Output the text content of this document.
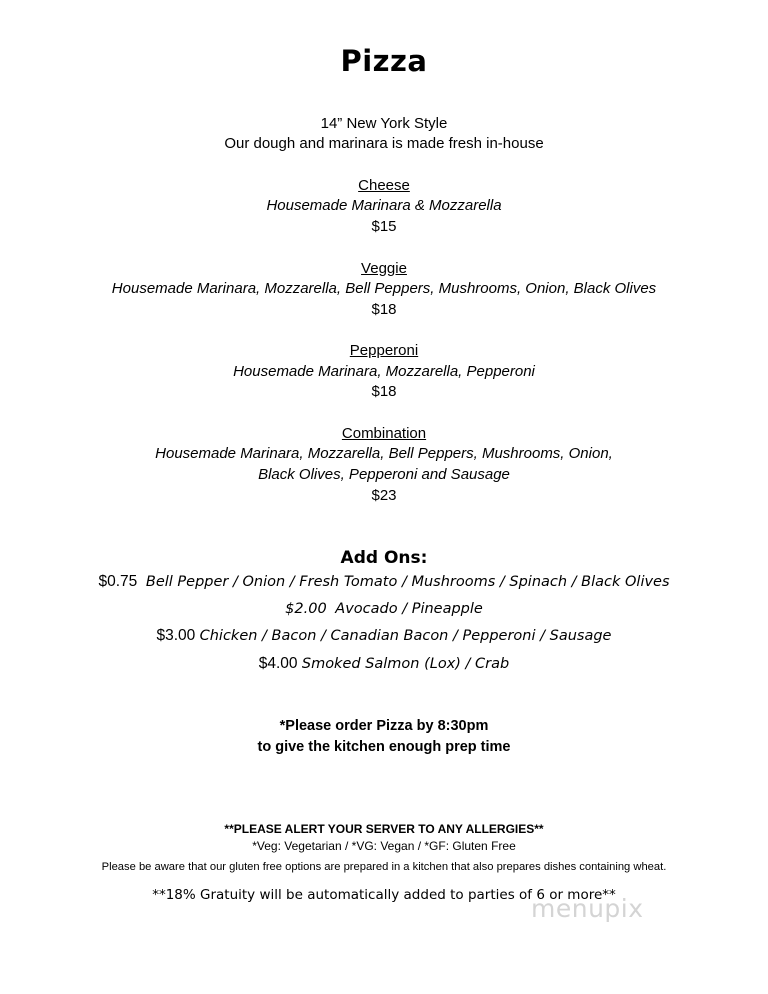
Pizza
14” New York Style
Our dough and marinara is made fresh in-house
Cheese
Housemade Marinara & Mozzarella
$15
Veggie
Housemade Marinara, Mozzarella, Bell Peppers, Mushrooms, Onion, Black Olives
$18
Pepperoni
Housemade Marinara, Mozzarella, Pepperoni
$18
Combination
Housemade Marinara, Mozzarella, Bell Peppers, Mushrooms, Onion,
Black Olives, Pepperoni and Sausage
$23
Add Ons:
$0.75 Bell Pepper / Onion / Fresh Tomato / Mushrooms / Spinach / Black Olives
$2.00 Avocado / Pineapple
$3.00 Chicken / Bacon / Canadian Bacon / Pepperoni / Sausage
$4.00 Smoked Salmon (Lox) / Crab
*Please order Pizza by 8:30pm
to give the kitchen enough prep time
**PLEASE ALERT YOUR SERVER TO ANY ALLERGIES**
*Veg: Vegetarian / *VG: Vegan / *GF: Gluten Free
Please be aware that our gluten free options are prepared in a kitchen that also prepares dishes containing wheat.
**18% Gratuity will be automatically added to parties of 6 or more**
menupix
